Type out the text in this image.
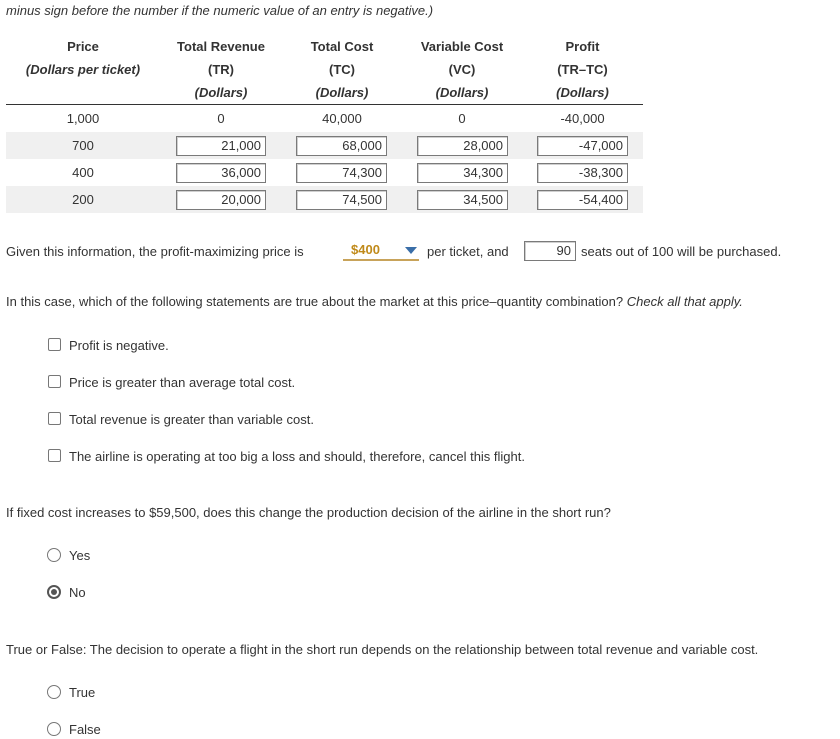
minus sign before the number if the numeric value of an entry is negative.)
Price
(Dollars per ticket)
Total Revenue
(TR)
(Dollars)
Total Cost
(TC)
(Dollars)
Variable Cost
(VC)
(Dollars)
Profit
(TR–TC)
(Dollars)
1,000	0	40,000	0	-40,000
700	21,000	68,000	28,000	-47,000
400	36,000	74,300	34,300	-38,300
200	20,000	74,500	34,500	-54,400
Given this information, the profit-maximizing price is	$400	per ticket, and	90 seats out of 100 will be purchased.
In this case, which of the following statements are true about the market at this price–quantity combination? Check all that apply.
Profit is negative.
Price is greater than average total cost.
Total revenue is greater than variable cost.
The airline is operating at too big a loss and should, therefore, cancel this flight.
If fixed cost increases to $59,500, does this change the production decision of the airline in the short run?
Yes
No
True or False: The decision to operate a flight in the short run depends on the relationship between total revenue and variable cost.
True
False
